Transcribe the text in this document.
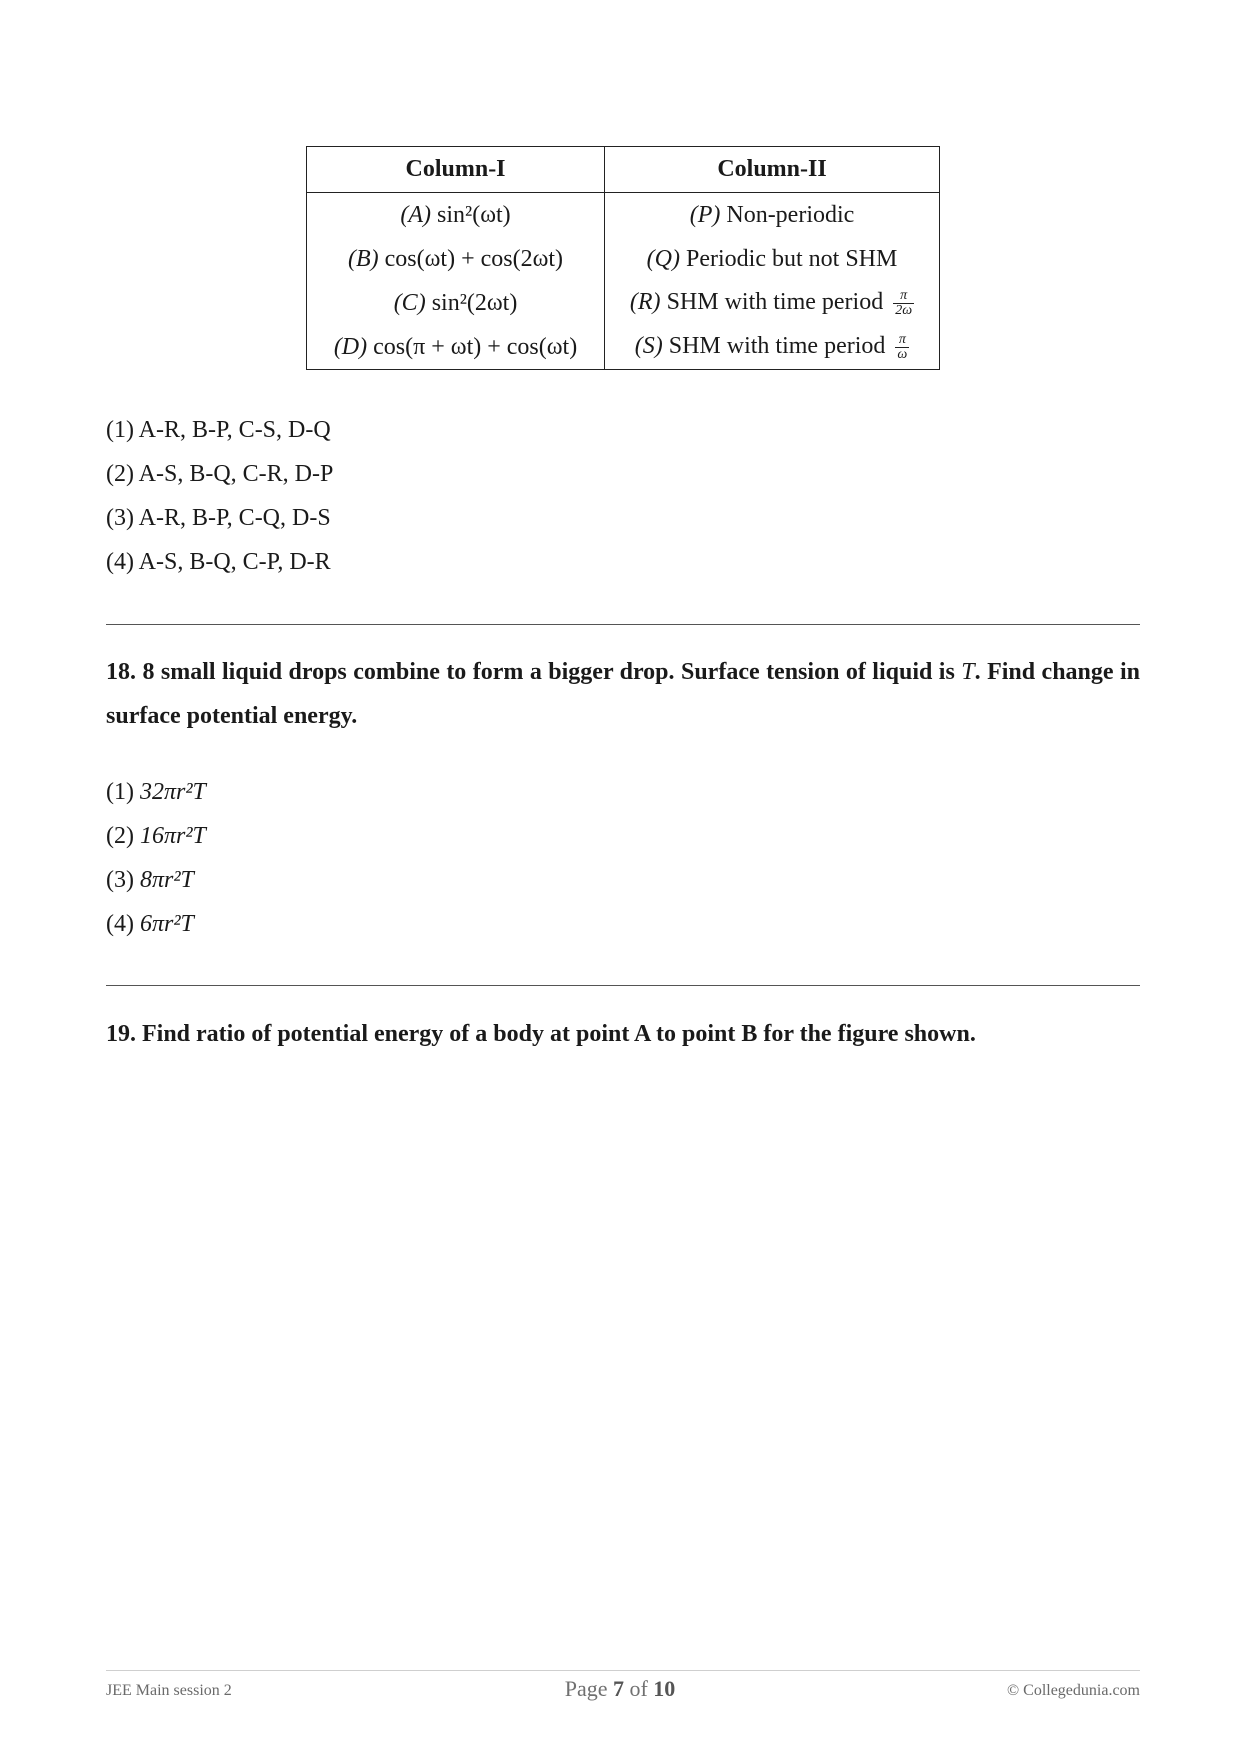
Column-I	Column-II
(A) sin²(ωt)	(P) Non-periodic
(B) cos(ωt) + cos(2ωt)	(Q) Periodic but not SHM
(C) sin²(2ωt)	(R) SHM with time period $\frac{\pi}{2\omega}$

(D) cos(π + ωt) + cos(ωt)	(S) SHM with time period $\frac{\pi}{\omega}$
(1) A-R, B-P, C-S, D-Q
(2) A-S, B-Q, C-R, D-P
(3) A-R, B-P, C-Q, D-S
(4) A-S, B-Q, C-P, D-R
18. 8 small liquid drops combine to form a bigger drop. Surface tension of liquid is T. Find change in surface potential energy.
(1) 32πr²T
(2) 16πr²T
(3) 8πr²T
(4) 6πr²T
19. Find ratio of potential energy of a body at point A to point B for the figure shown.
JEE Main session 2	Page 7 of 10	© Collegedunia.com
